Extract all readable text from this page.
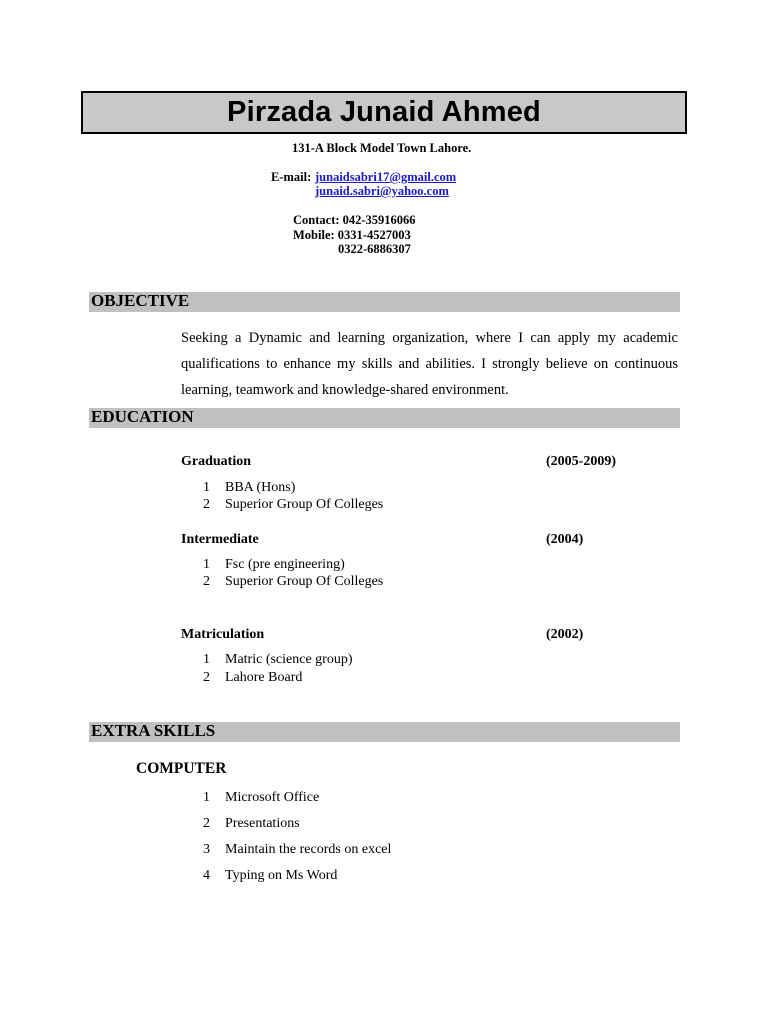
Pirzada Junaid Ahmed
131-A Block Model Town Lahore.
E-mail: junaidsabri17@gmail.com
junaid.sabri@yahoo.com
Contact: 042-35916066
Mobile: 0331-4527003
0322-6886307
OBJECTIVE
Seeking a Dynamic and learning organization, where I can apply my academic qualifications to enhance my skills and abilities. I strongly believe on continuous learning, teamwork and knowledge-shared environment.
EDUCATION
Graduation	(2005-2009)
1 BBA (Hons)
2 Superior Group Of Colleges
Intermediate	(2004)
1 Fsc (pre engineering)
2 Superior Group Of Colleges
Matriculation	(2002)
1 Matric (science group)
2 Lahore Board
EXTRA SKILLS
COMPUTER
1 Microsoft Office
2 Presentations
3 Maintain the records on excel
4 Typing on Ms Word
